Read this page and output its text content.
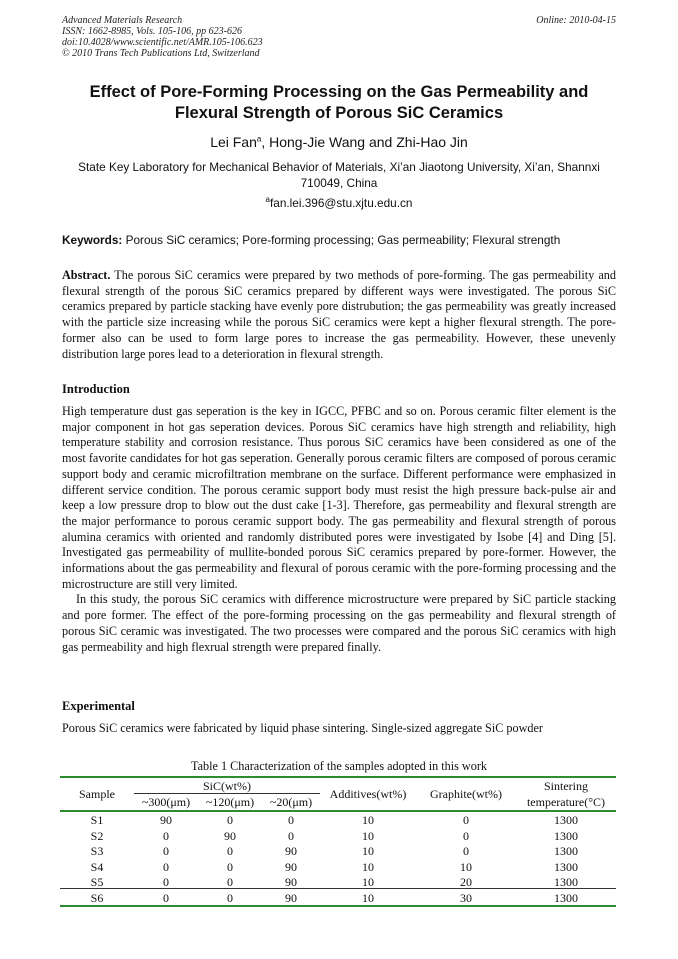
Advanced Materials Research
ISSN: 1662-8985, Vols. 105-106, pp 623-626
doi:10.4028/www.scientific.net/AMR.105-106.623
© 2010 Trans Tech Publications Ltd, Switzerland
Online: 2010-04-15
Effect of Pore-Forming Processing on the Gas Permeability and
Flexural Strength of Porous SiC Ceramics
Lei Fan$^a$, Hong-Jie Wang and Zhi-Hao Jin
State Key Laboratory for Mechanical Behavior of Materials, Xi’an Jiaotong University, Xi’an, Shannxi
710049, China
$^a$fan.lei.396@stu.xjtu.edu.cn
Keywords: Porous SiC ceramics; Pore-forming processing; Gas permeability; Flexural strength
Abstract. The porous SiC ceramics were prepared by two methods of pore-forming. The gas permeability and flexural strength of the porous SiC ceramics prepared by different ways were investigated. The porous SiC ceramics prepared by particle stacking have evenly pore distrubution; the gas permeability was greatly increased with the particle size increasing while the porous SiC ceramics were kept a higher flexural strength. The pore-former also can be used to form large pores to increase the gas permeability. However, these unevenly distribution large pores lead to a deterioration in flexural strength.
Introduction

High temperature dust gas seperation is the key in IGCC, PFBC and so on. Porous ceramic filter element is the major component in hot gas seperation devices. Porous SiC ceramics have high strength and reliability, high temperature stability and corrosion resistance. Thus porous SiC ceramics have been considered as one of the most favorite candidates for hot gas seperation. Generally porous ceramic filters are composed of porous ceramic support body and ceramic microfiltration membrane on the surface. Different performance were emphasized in different service condition. The porous ceramic support body must resist the high pressure back-pulse air and keep a low pressure drop to blow out the dust cake [1-3]. Therefore, gas permeability and flexural strength are the major performance to porous ceramic support body. The gas permeability and flexural strength of porous alumina ceramics with oriented and randomly distributed pores were investigated by Isobe [4] and Ding [5]. Investigated gas permeability of mullite-bonded porous SiC ceramics prepared by pore-former. However, the informations about the gas permeability and flexural of porous ceramic with the pore-forming processing and the microstructure are still very limited.

In this study, the porous SiC ceramics with difference microstructure were prepared by SiC particle stacking and pore former. The effect of the pore-forming processing on the gas permeability and flexural strength of porous SiC ceramic was investigated. The two processes were compared and the porous SiC ceramics with high gas permeability and high flexrual strength were prepared finally.

Experimental
Porous SiC ceramics were fabricated by liquid phase sintering. Single-sized aggregate SiC powder
Table 1 Characterization of the samples adopted in this work
Sample
SiC(wt%)
~300(μm)	~120(μm)	~20(μm)
Additives(wt%)	Graphite(wt%)
Sintering
temperature(°C)
S1	90	0	0	10	0	1300
S2	0	90	0	10	0	1300
S3	0	0	90	10	0	1300
S4	0	0	90	10	10	1300
S5	0	0	90	10	20	1300
S6	0	0	90	10	30	1300
